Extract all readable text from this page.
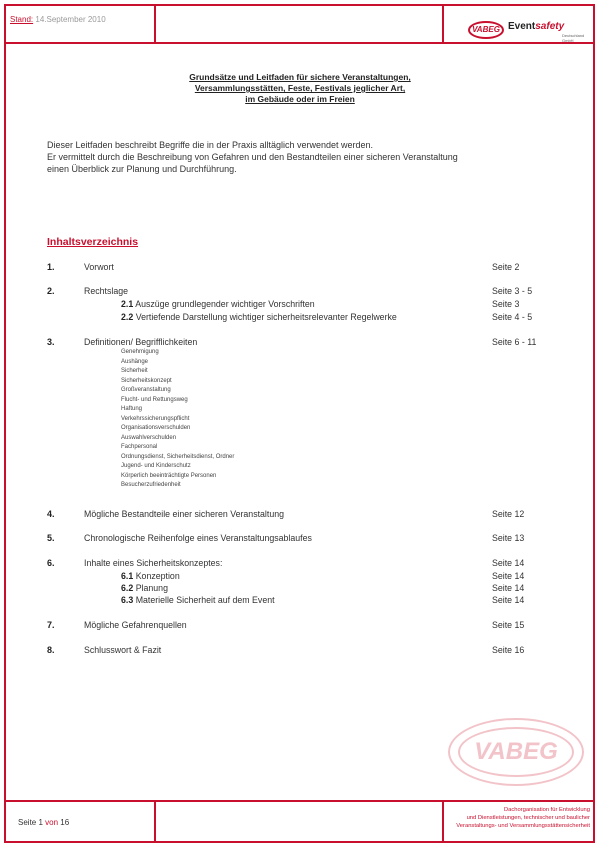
Stand: 14.September 2010
VABEG Eventsafety
Deutschland GmbH
Grundsätze und Leitfaden für sichere Veranstaltungen,
Versammlungsstätten, Feste, Festivals jeglicher Art,
im Gebäude oder im Freien
Dieser Leitfaden beschreibt Begriffe die in der Praxis alltäglich verwendet werden.
Er vermittelt durch die Beschreibung von Gefahren und den Bestandteilen einer sicheren Veranstaltung
einen Überblick zur Planung und Durchführung.
Inhaltsverzeichnis
1.	Vorwort	Seite 2
2.	Rechtslage	Seite 3 - 5
2.1 Auszüge grundlegender wichtiger Vorschriften	Seite 3
2.2 Vertiefende Darstellung wichtiger sicherheitsrelevanter Regelwerke	Seite 4 - 5
3.	Definitionen/ Begrifflichkeiten	Seite 6 - 11
Genehmigung
Aushänge
Sicherheit
Sicherheitskonzept
Großveranstaltung
Flucht- und Rettungsweg
Haftung
Verkehrssicherungspflicht
Organisationsverschulden
Auswahlverschulden
Fachpersonal
Ordnungsdienst, Sicherheitsdienst, Ordner
Jugend- und Kinderschutz
Körperlich beeinträchtigte Personen
Besucherzufriedenheit
4.	Mögliche Bestandteile einer sicheren Veranstaltung	Seite 12
5.	Chronologische Reihenfolge eines Veranstaltungsablaufes	Seite 13
6.	Inhalte eines Sicherheitskonzeptes:	Seite 14
6.1 Konzeption	Seite 14
6.2 Planung	Seite 14
6.3 Materielle Sicherheit auf dem Event	Seite 14
7.	Mögliche Gefahrenquellen	Seite 15
8.	Schlusswort & Fazit	Seite 16
VABEG
Seite 1 von 16
Dachorganisation für Entwicklung
und Dienstleistungen, technischer und baulicher
Veranstaltungs- und Versammlungsstättensicherheit
